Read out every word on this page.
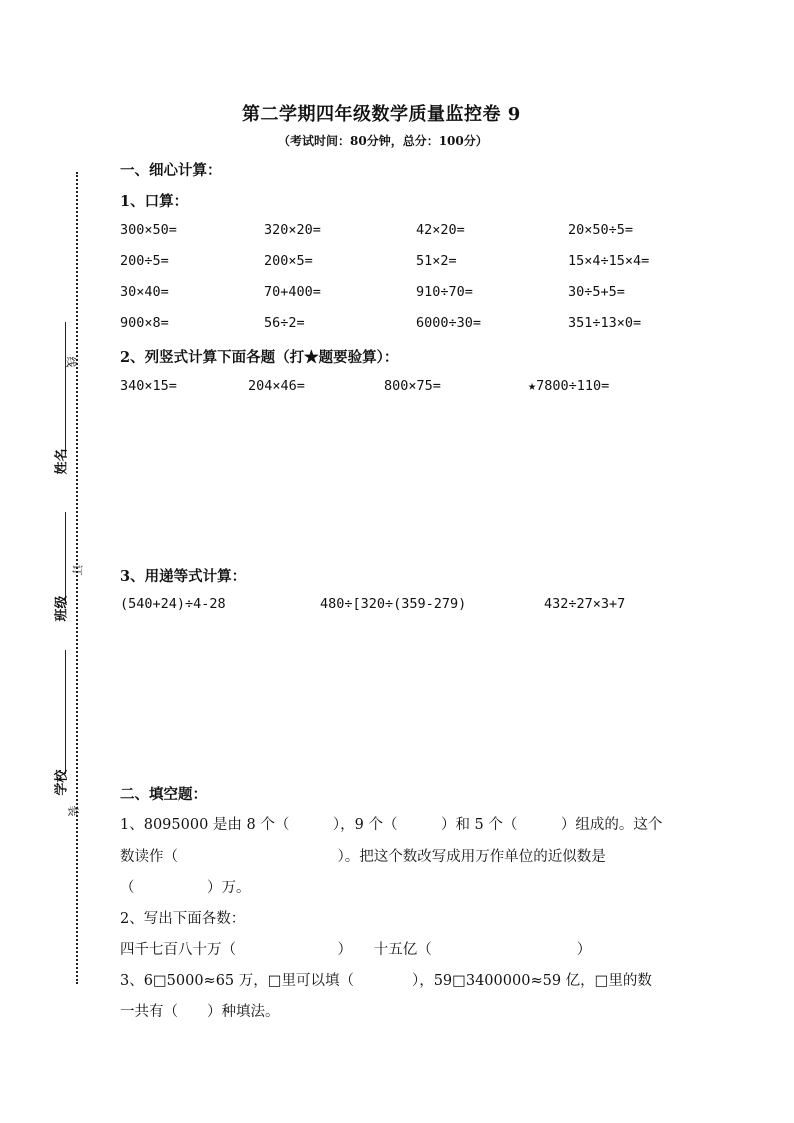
线
姓名
订
班级
学校
装
第二学期四年级数学质量监控卷 9
（考试时间：80分钟，总分：100分）
一、细心计算：
1、口算：
300×50=	320×20=	42×20=	20×50÷5=
200÷5=	200×5=	51×2=	15×4÷15×4=
30×40=	70+400=	910÷70=	30÷5+5=
900×8=	56÷2=	6000÷30=	351÷13×0=
2、列竖式计算下面各题（打★题要验算）：
340×15=	204×46=	800×75=	★7800÷110=
3、用递等式计算：
(540+24)÷4-28	480÷[320÷(359-279)	432÷27×3+7
二、填空题：
1、8095000 是由 8 个（　　　），9 个（　　　）和 5 个（　　　）组成的。这个
数读作（　　　　　　　　　　　）。把这个数改写成用万作单位的近似数是
（　　　　　）万。
2、写出下面各数：
四千七百八十万（　　　　　　　）　　十五亿（　　　　　　　　　　）
3、6□5000≈65 万，□里可以填（　　　　），59□3400000≈59 亿，□里的数
一共有（　　）种填法。
